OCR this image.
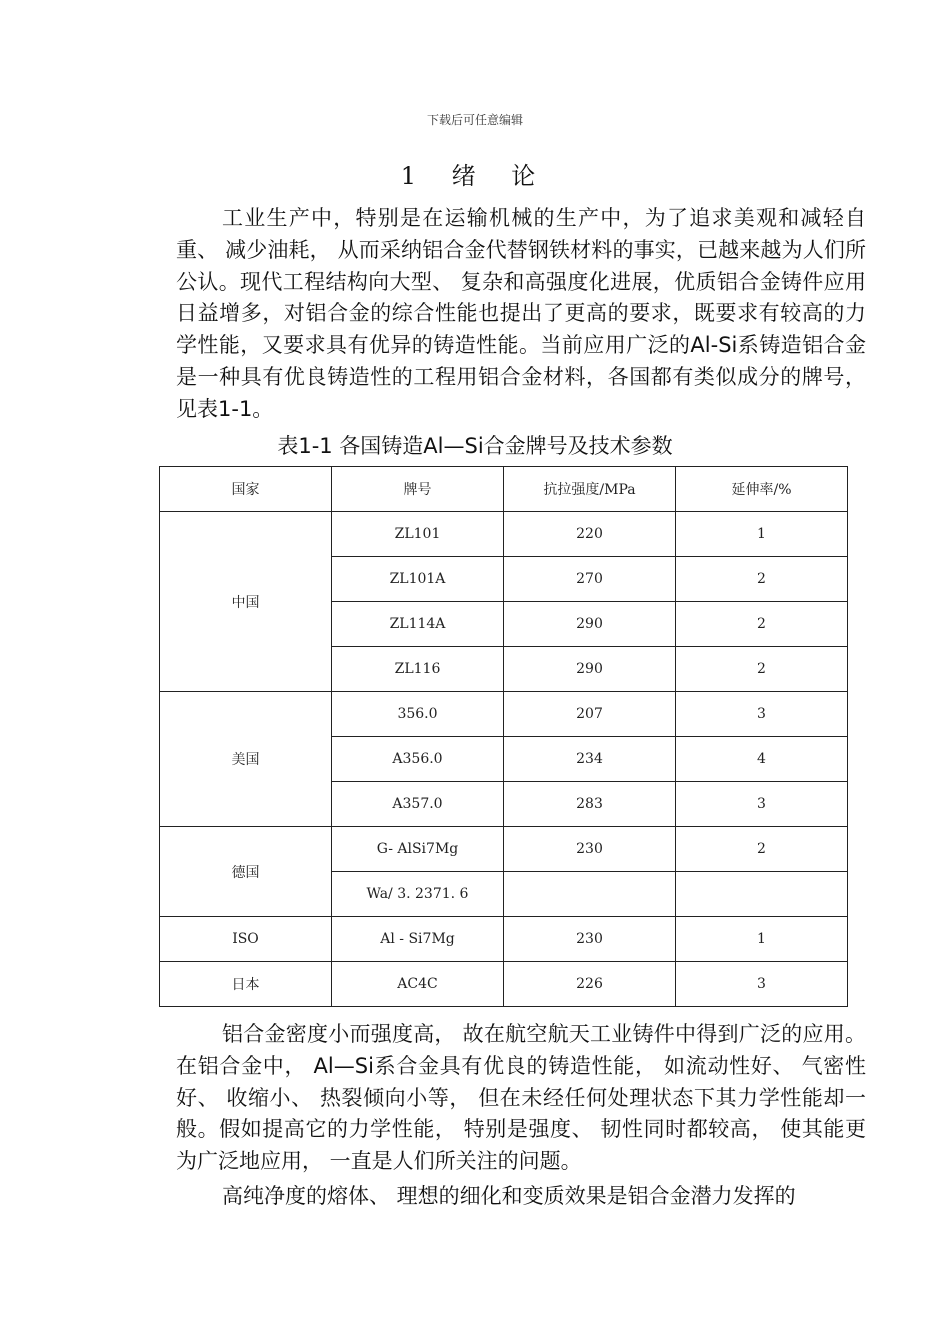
下载后可任意编辑
1 绪 论

工业生产中，特别是在运输机械的生产中，为了追求美观和减轻自重、 减少油耗， 从而采纳铝合金代替钢铁材料的事实，已越来越为人们所公认。现代工程结构向大型、 复杂和高强度化进展，优质铝合金铸件应用日益增多，对铝合金的综合性能也提出了更高的要求，既要求有较高的力学性能，又要求具有优异的铸造性能。当前应用广泛的Al-Si系铸造铝合金是一种具有优良铸造性的工程用铝合金材料，各国都有类似成分的牌号，见表1-1。

表1-1 各国铸造Al—Si合金牌号及技术参数
国家	牌号	抗拉强度/MPa	延伸率/%
中国	ZL101	220	1
	ZL101A	270	2
	ZL114A	290	2
	ZL116	290	2
美国	356.0	207	3
	A356.0	234	4
	A357.0	283	3
德国	G- AlSi7Mg	230	2
	Wa/ 3. 2371. 6		
ISO	Al - Si7Mg	230	1
日本	AC4C	226	3

铝合金密度小而强度高， 故在航空航天工业铸件中得到广泛的应用。在铝合金中， Al—Si系合金具有优良的铸造性能， 如流动性好、 气密性好、 收缩小、 热裂倾向小等， 但在未经任何处理状态下其力学性能却一般。假如提高它的力学性能， 特别是强度、 韧性同时都较高， 使其能更为广泛地应用， 一直是人们所关注的问题。

高纯净度的熔体、 理想的细化和变质效果是铝合金潜力发挥的
